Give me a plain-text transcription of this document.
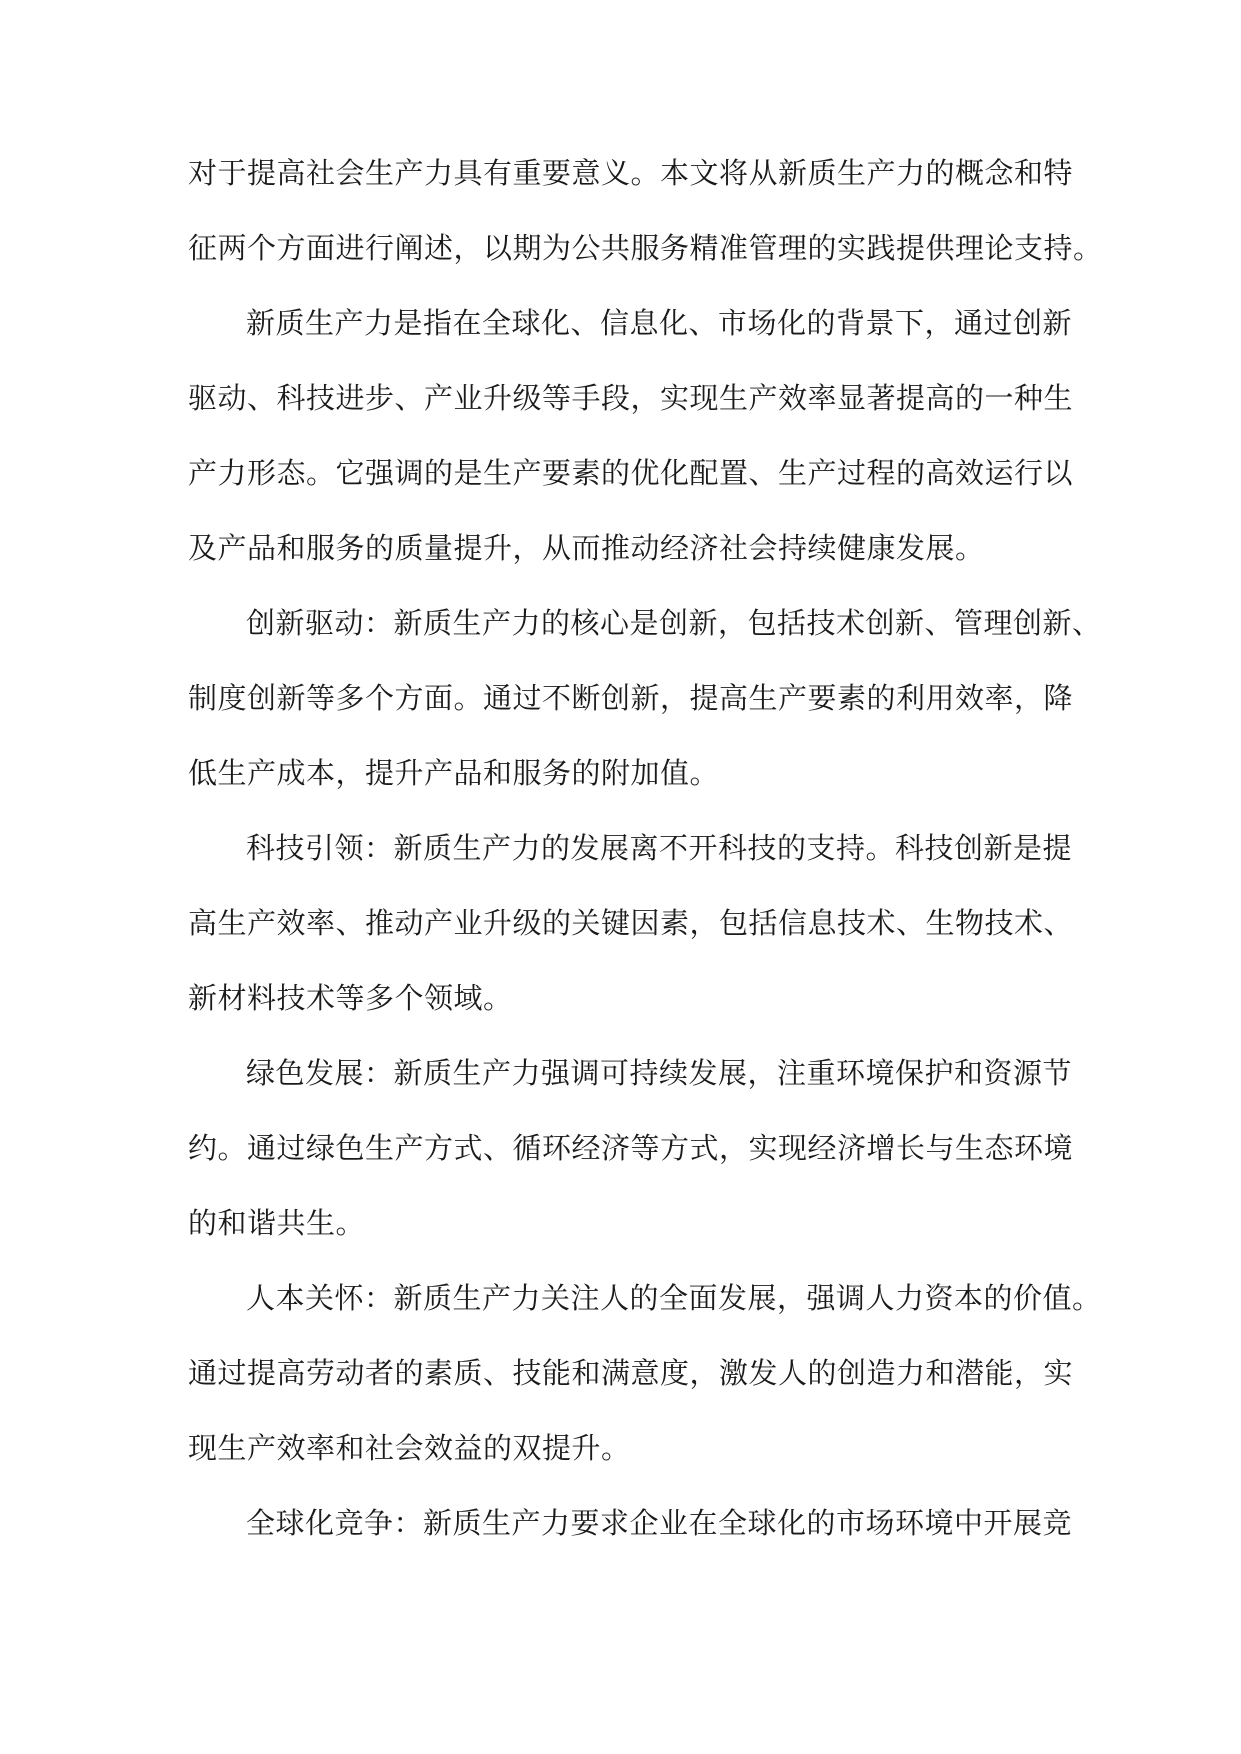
对于提高社会生产力具有重要意义。本文将从新质生产力的概念和特
征两个方面进行阐述，以期为公共服务精准管理的实践提供理论支持。
新质生产力是指在全球化、信息化、市场化的背景下，通过创新
驱动、科技进步、产业升级等手段，实现生产效率显著提高的一种生
产力形态。它强调的是生产要素的优化配置、生产过程的高效运行以
及产品和服务的质量提升，从而推动经济社会持续健康发展。
创新驱动：新质生产力的核心是创新，包括技术创新、管理创新、
制度创新等多个方面。通过不断创新，提高生产要素的利用效率，降
低生产成本，提升产品和服务的附加值。
科技引领：新质生产力的发展离不开科技的支持。科技创新是提
高生产效率、推动产业升级的关键因素，包括信息技术、生物技术、
新材料技术等多个领域。
绿色发展：新质生产力强调可持续发展，注重环境保护和资源节
约。通过绿色生产方式、循环经济等方式，实现经济增长与生态环境
的和谐共生。
人本关怀：新质生产力关注人的全面发展，强调人力资本的价值。
通过提高劳动者的素质、技能和满意度，激发人的创造力和潜能，实
现生产效率和社会效益的双提升。
全球化竞争：新质生产力要求企业在全球化的市场环境中开展竞
